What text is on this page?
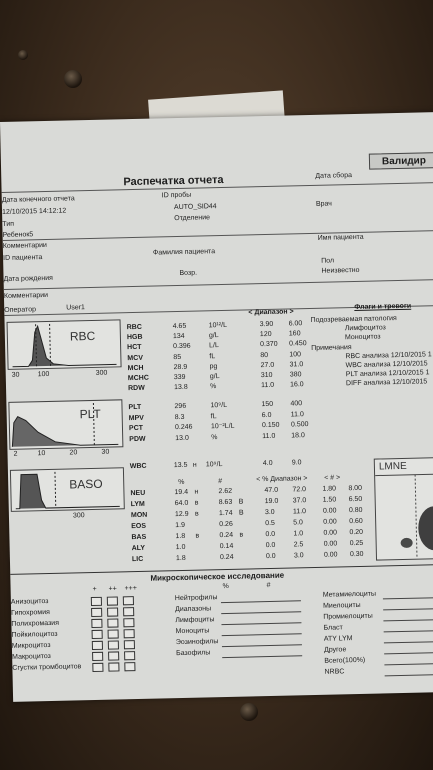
Валидир
Распечатка отчета	Дата сбора
Дата конечного отчета	ID пробы
12/10/2015 14:12:12
AUTO_SID44	Врач
Отделение
Тип
Ребенок5
Комментарии
Имя пациента
ID пациента
Фамилия пациента
Пол
Дата рождения
Возр.	Неизвестно
Комментарии
Оператор	User1
< Диапазон >
Флаги и тревоги
Подозреваемая патология
Лимфоцитоз
Моноцитоз
Примечания
RBC анализа 12/10/2015 1
WBC анализа 12/10/2015
PLT анализа 12/10/2015 1
DIFF анализа 12/10/2015
RBC
30	100	300
PLT
2	10	20	30
BASO
300
LMNE
RBC	4.65	10¹²/L	3.90 6.00
HGB	134	g/L	120 160
HCT	0.396	L/L	0.370 0.450
MCV	85	fL	80	100
MCH	28.9	pg	27.0 31.0
MCHC	339	g/L	310 380
RDW	13.8	%	11.0 16.0
PLT	296	10⁹/L	150 400
MPV	8.3	fL	6.0	11.0
PCT	0.246	10⁻²L/L	0.150 0.500
PDW	13.0	%	11.0 18.0
WBC	13.5 н 10⁹/L	4.0	9.0
%	#	< % Диапазон > < # >
NEU	19.4 н	2.62	47.0 72.0 1.80 8.00
LYM	64.0 в	8.63 В	19.0 37.0 1.50 6.50
MON	12.9 в	1.74 В	3.0	11.0 0.00 0.80
EOS	1.9	0.26	0.5	5.0	0.00 0.60
BAS	1.8 в	0.24 в	0.0	1.0	0.00 0.20
ALY	1.0	0.14	0.0	2.5	0.00 0.25
LIC	1.8	0.24	0.0	3.0	0.00 0.30
Микроскопическое исследование
+ ++ +++	%	#
Анизоцитоз
Гипохромия
Полихромазия
Пойкилоцитоз
Микроцитоз
Макроцитоз
Сгустки тромбоцитов
Нейтрофилы
Диапазоны
Лимфоциты
Моноциты
Эозинофилы
Базофилы
Метамиелоциты
Миелоциты
Промиелоциты
Бласт
ATY LYM
Другое
Всего(100%)
NRBC
